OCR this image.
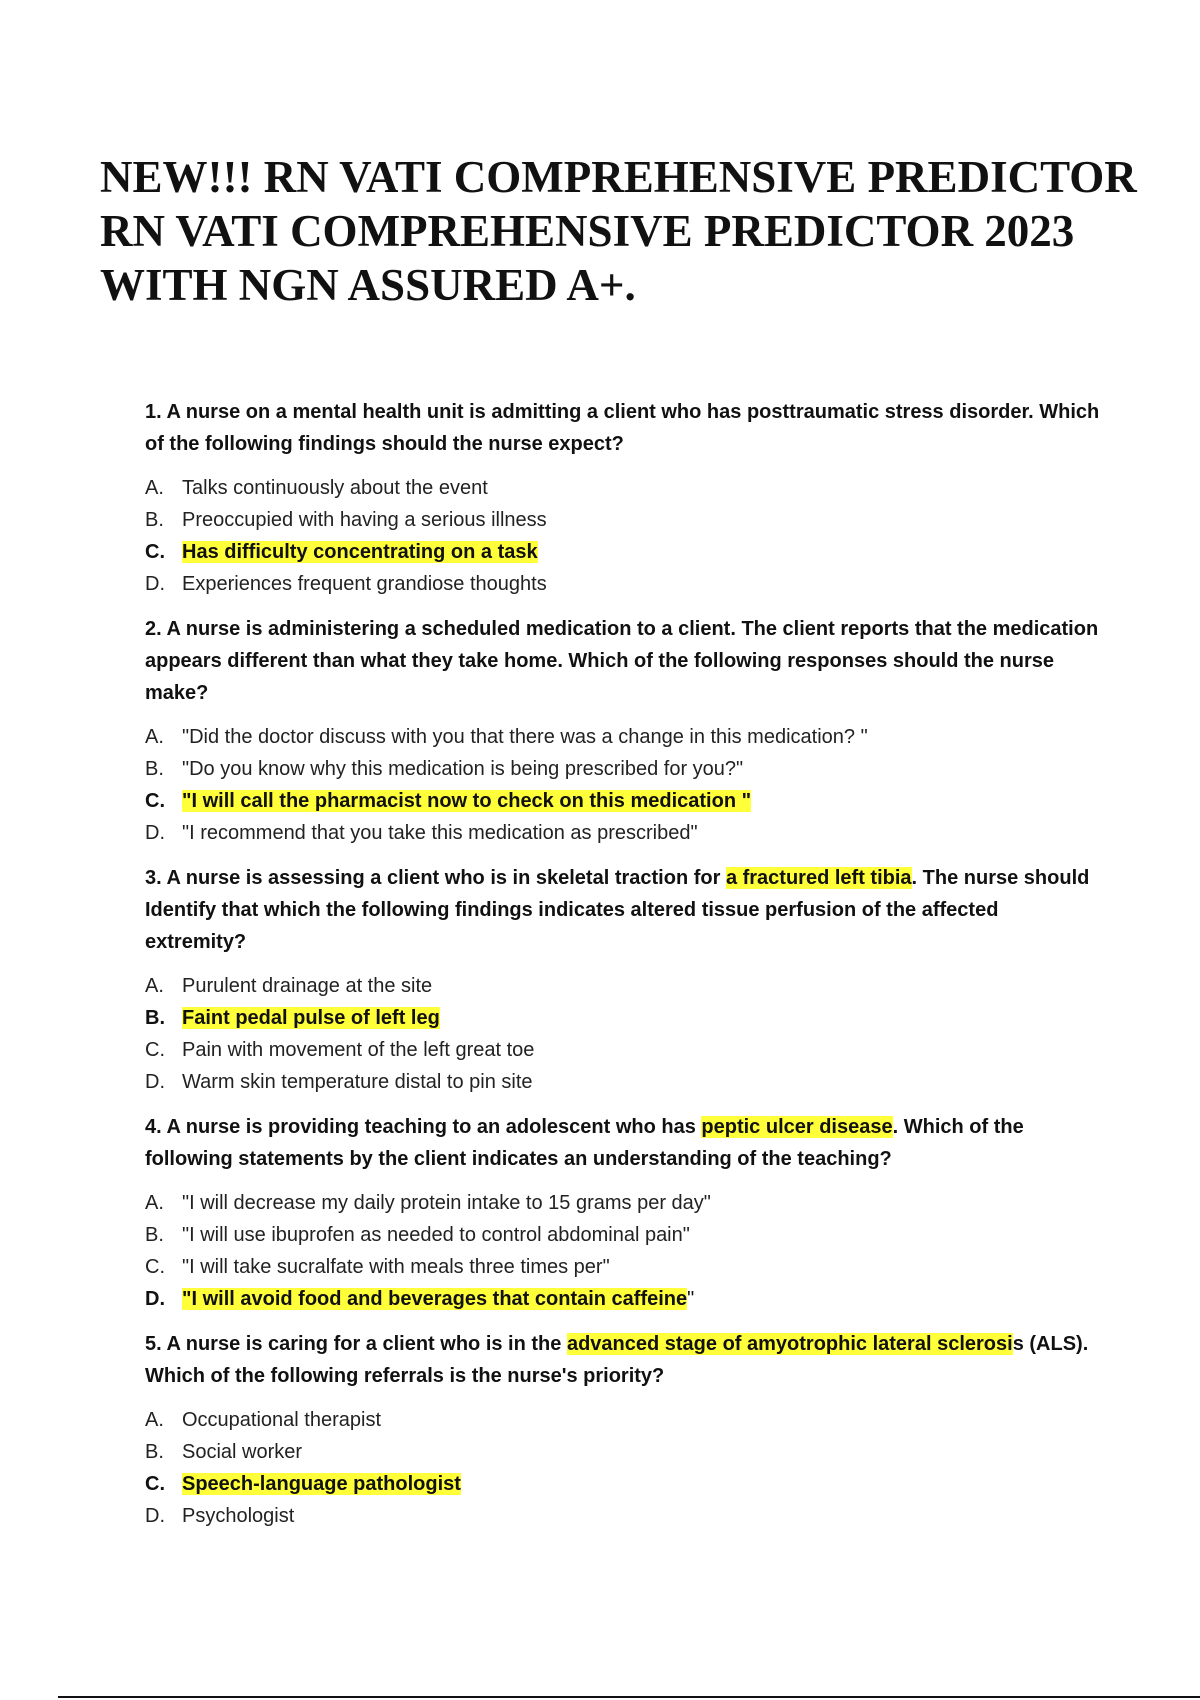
NEW!!! RN VATI COMPREHENSIVE PREDICTOR
RN VATI COMPREHENSIVE PREDICTOR 2023
WITH NGN ASSURED A+.

1. A nurse on a mental health unit is admitting a client who has posttraumatic stress disorder. Which of the following findings should the nurse expect?

A. Talks continuously about the event
B. Preoccupied with having a serious illness
C. Has difficulty concentrating on a task
D. Experiences frequent grandiose thoughts

2. A nurse is administering a scheduled medication to a client. The client reports that the medication appears different than what they take home. Which of the following responses should the nurse make?

A. "Did the doctor discuss with you that there was a change in this medication? "
B. "Do you know why this medication is being prescribed for you?"
C. "I will call the pharmacist now to check on this medication "
D. "I recommend that you take this medication as prescribed"

3. A nurse is assessing a client who is in skeletal traction for a fractured left tibia. The nurse should Identify that which the following findings indicates altered tissue perfusion of the affected extremity?

A. Purulent drainage at the site
B. Faint pedal pulse of left leg
C. Pain with movement of the left great toe
D. Warm skin temperature distal to pin site

4. A nurse is providing teaching to an adolescent who has peptic ulcer disease. Which of the following statements by the client indicates an understanding of the teaching?

A. "I will decrease my daily protein intake to 15 grams per day"
B. "I will use ibuprofen as needed to control abdominal pain"
C. "I will take sucralfate with meals three times per"
D. "I will avoid food and beverages that contain caffeine"

5. A nurse is caring for a client who is in the advanced stage of amyotrophic lateral sclerosis (ALS). Which of the following referrals is the nurse's priority?

A. Occupational therapist
B. Social worker
C. Speech-language pathologist
D. Psychologist
